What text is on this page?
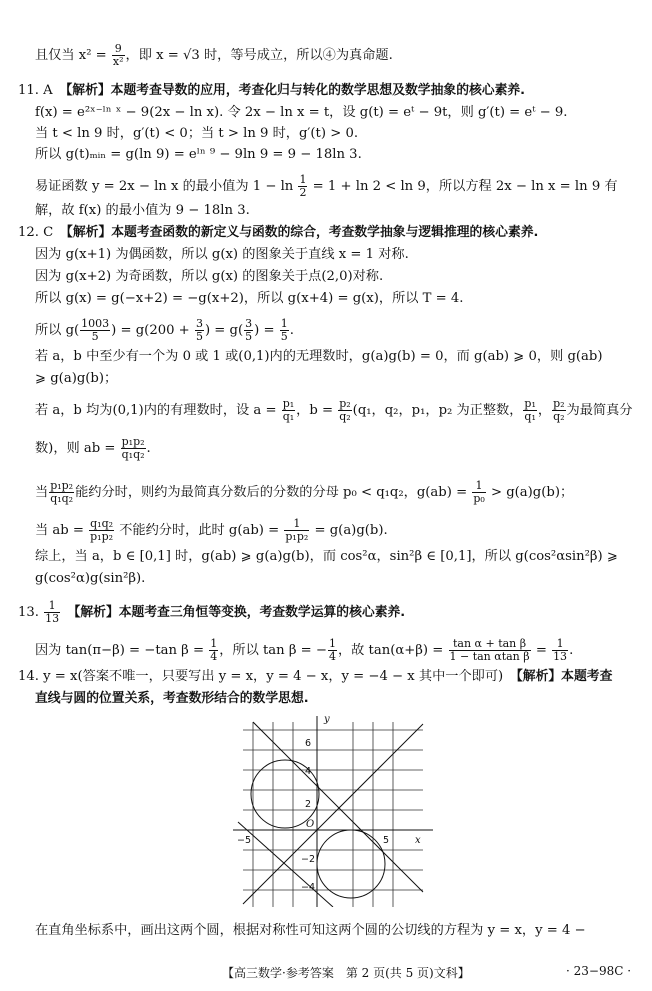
且仅当 $x^2 = \frac{9}{\text{x²}}$ ，即 x = √3 时，等号成立，所以④为真命题.
11. A　【解析】本题考查导数的应用，考查化归与转化的数学思想及数学抽象的核心素养.
f(x) = e²ˣ⁻ˡⁿ ˣ − 9(2x − ln x). 令 2x − ln x = t，设 g(t) = eᵗ − 9t，则 g′(t) = eᵗ − 9.
当 t < ln 9 时，g′(t) < 0；当 t > ln 9 时，g′(t) > 0.
所以 g(t)ₘᵢₙ = g(ln 9) = eˡⁿ ⁹ − 9ln 9 = 9 − 18ln 3.
易证函数 y = 2x − ln x 的最小值为 $1 - \ln \frac{1}{2} = 1 + \ln 2 < \ln 9$，所以方程 2x − ln x = ln 9 有
解，故 f(x) 的最小值为 9 − 18ln 3.
12. C　【解析】本题考查函数的新定义与函数的综合，考查数学抽象与逻辑推理的核心素养.
因为 g(x+1) 为偶函数，所以 g(x) 的图象关于直线 x = 1 对称.
因为 g(x+2) 为奇函数，所以 g(x) 的图象关于点(2,0)对称.
所以 g(x) = g(−x+2) = −g(x+2)，所以 g(x+4) = g(x)，所以 T = 4.
所以 $g( \frac{1003}{5}$ ) = $g(200 + \frac{3}{5}$ ) = $g( \frac{3}{5}$ ) = $\frac{1}{5}$ .
若 a，b 中至少有一个为 0 或 1 或(0,1)内的无理数时，g(a)g(b) = 0，而 g(ab) ⩾ 0，则 g(ab)
⩾ g(a)g(b)；
若 a，b 均为(0,1)内的有理数时，设 $a = \frac{\text{p₁}}{\text{q₁}}$ ，$b = \frac{\text{p₂}}{\text{q₂}} (q_1$，q₂，p₁，p₂ 为正整数， $\frac{\text{p₁}}{\text{q₁}}$ ， $\frac{\text{p₂}}{\text{q₂}}$ 为最简真分
数)，则 ab = $\frac{\text{p₁p₂}}{\text{q₁q₂}}$ .
当 $\frac{\text{p₁p₂}}{\text{q₁q₂}}$ 能约分时，则约为最简真分数后的分数的分母 p₀ < q₁q₂，$g(ab) = \frac{1}{\text{p₀}} > g(a)g(b)$；
当 ab = $\frac{\text{q₁q₂}}{\text{p₁p₂}}$ 不能约分时，此时 $g(ab) = \frac{1}{\text{p₁p₂}} = g(a)g(b)$.
综上，当 a，b ∈ [0,1] 时，g(ab) ⩾ g(a)g(b)，而 cos²α，sin²β ∈ [0,1]，所以 g(cos²αsin²β) ⩾
g(cos²α)g(sin²β).
13. $\frac{1}{13}$ 　【解析】本题考查三角恒等变换，考查数学运算的核心素养.
因为 tan(π−β) = −tan $\beta = \frac{1}{4}$ ，所以 tan β = − $\frac{1}{4}$ ，故 $\tan(\alpha+\beta) = \frac{\text{tan α + tan β}}{\text{1 − tan αtan β}} = \frac{1}{13}$ .
14. y = x(答案不唯一，只要写出 y = x，y = 4 − x，y = −4 − x 其中一个即可)　【解析】本题考查
直线与圆的位置关系，考查数形结合的数学思想.
y
x
O
6
4
2
−2
−4
−5	5
在直角坐标系中，画出这两个圆，根据对称性可知这两个圆的公切线的方程为 y = x，y = 4 −
【高三数学·参考答案　第 2 页(共 5 页)文科】	· 23−98C ·
